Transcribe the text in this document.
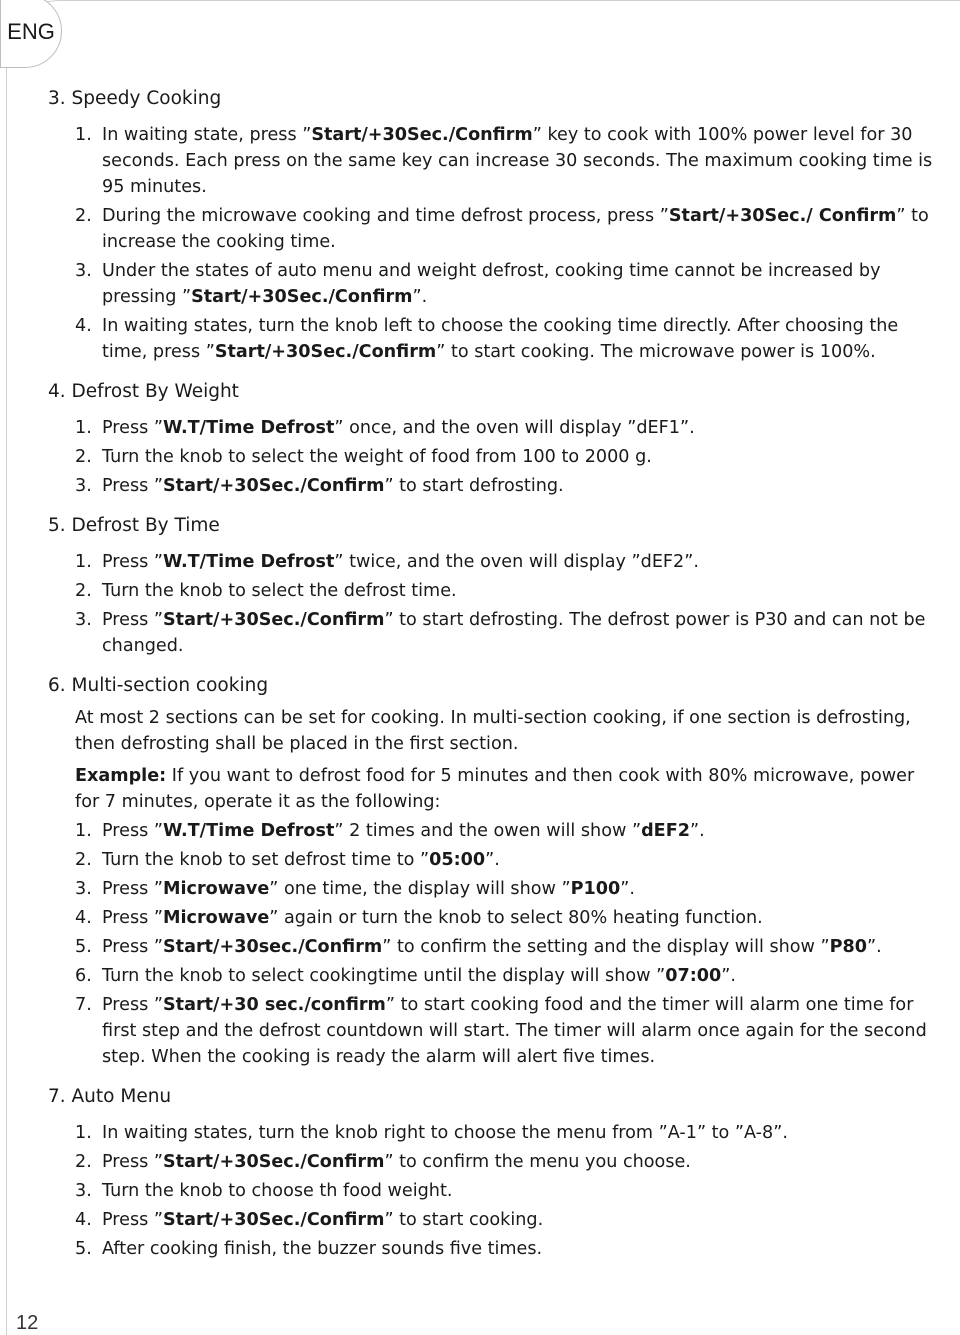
ENG
3. Speedy Cooking
1. In waiting state, press ”Start/+30Sec./Confirm” key to cook with 100% power level for 30 seconds. Each press on the same key can increase 30 seconds. The maximum cooking time is 95 minutes.
2. During the microwave cooking and time defrost process, press ”Start/+30Sec./ Confirm” to increase the cooking time.
3. Under the states of auto menu and weight defrost, cooking time cannot be increased by pressing ”Start/+30Sec./Confirm”.
4. In waiting states, turn the knob left to choose the cooking time directly. After choosing the time, press ”Start/+30Sec./Confirm” to start cooking. The microwave power is 100%.
4. Defrost By Weight
1. Press ”W.T/Time Defrost” once, and the oven will display ”dEF1”.
2. Turn the knob to select the weight of food from 100 to 2000 g.
3. Press ”Start/+30Sec./Confirm” to start defrosting.
5. Defrost By Time
1. Press ”W.T/Time Defrost” twice, and the oven will display ”dEF2”.
2. Turn the knob to select the defrost time.
3. Press ”Start/+30Sec./Confirm” to start defrosting. The defrost power is P30 and can not be changed.
6. Multi-section cooking

At most 2 sections can be set for cooking. In multi-section cooking, if one section is defrosting, then defrosting shall be placed in the first section.

Example: If you want to defrost food for 5 minutes and then cook with 80% microwave, power for 7 minutes, operate it as the following:

1. Press ”W.T/Time Defrost” 2 times and the owen will show ”dEF2”.
2. Turn the knob to set defrost time to ”05:00”.
3. Press ”Microwave” one time, the display will show ”P100”.
4. Press ”Microwave” again or turn the knob to select 80% heating function.
5. Press ”Start/+30sec./Confirm” to confirm the setting and the display will show ”P80”.
6. Turn the knob to select cookingtime until the display will show ”07:00”.
7. Press ”Start/+30 sec./confirm” to start cooking food and the timer will alarm one time for first step and the defrost countdown will start. The timer will alarm once again for the second step. When the cooking is ready the alarm will alert five times.
7. Auto Menu
1. In waiting states, turn the knob right to choose the menu from ”A-1” to ”A-8”.
2. Press ”Start/+30Sec./Confirm” to confirm the menu you choose.
3. Turn the knob to choose th food weight.
4. Press ”Start/+30Sec./Confirm” to start cooking.
5. After cooking finish, the buzzer sounds five times.
12
